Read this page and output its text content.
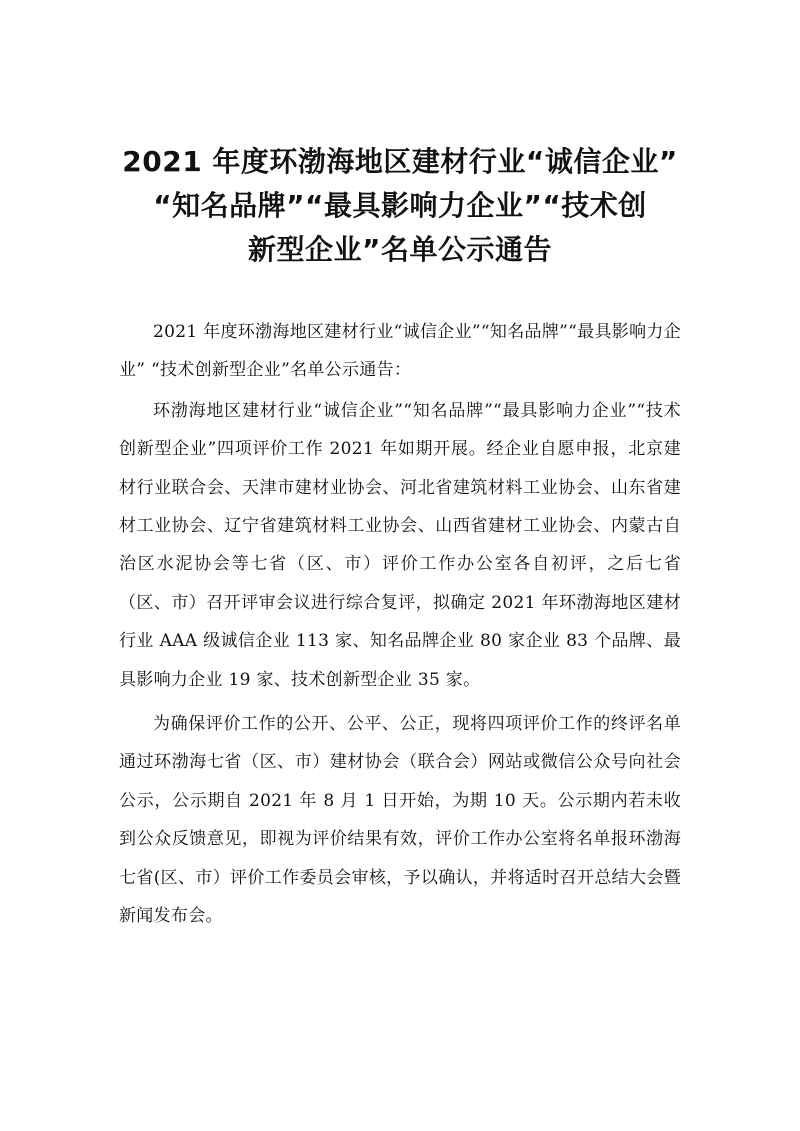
2021 年度环渤海地区建材行业“诚信企业”
“知名品牌”“最具影响力企业”“技术创
新型企业”名单公示通告

2021 年度环渤海地区建材行业“诚信企业”“知名品牌”“最具影响力企业” “技术创新型企业”名单公示通告：

环渤海地区建材行业“诚信企业”“知名品牌”“最具影响力企业”“技术创新型企业”四项评价工作 2021 年如期开展。经企业自愿申报，北京建材行业联合会、天津市建材业协会、河北省建筑材料工业协会、山东省建材工业协会、辽宁省建筑材料工业协会、山西省建材工业协会、内蒙古自治区水泥协会等七省（区、市）评价工作办公室各自初评，之后七省（区、市）召开评审会议进行综合复评，拟确定 2021 年环渤海地区建材行业 AAA 级诚信企业 113 家、知名品牌企业 80 家企业 83 个品牌、最具影响力企业 19 家、技术创新型企业 35 家。

为确保评价工作的公开、公平、公正，现将四项评价工作的终评名单通过环渤海七省（区、市）建材协会（联合会）网站或微信公众号向社会公示，公示期自 2021 年 8 月 1 日开始，为期 10 天。公示期内若未收到公众反馈意见，即视为评价结果有效，评价工作办公室将名单报环渤海七省(区、市）评价工作委员会审核，予以确认，并将适时召开总结大会暨新闻发布会。
